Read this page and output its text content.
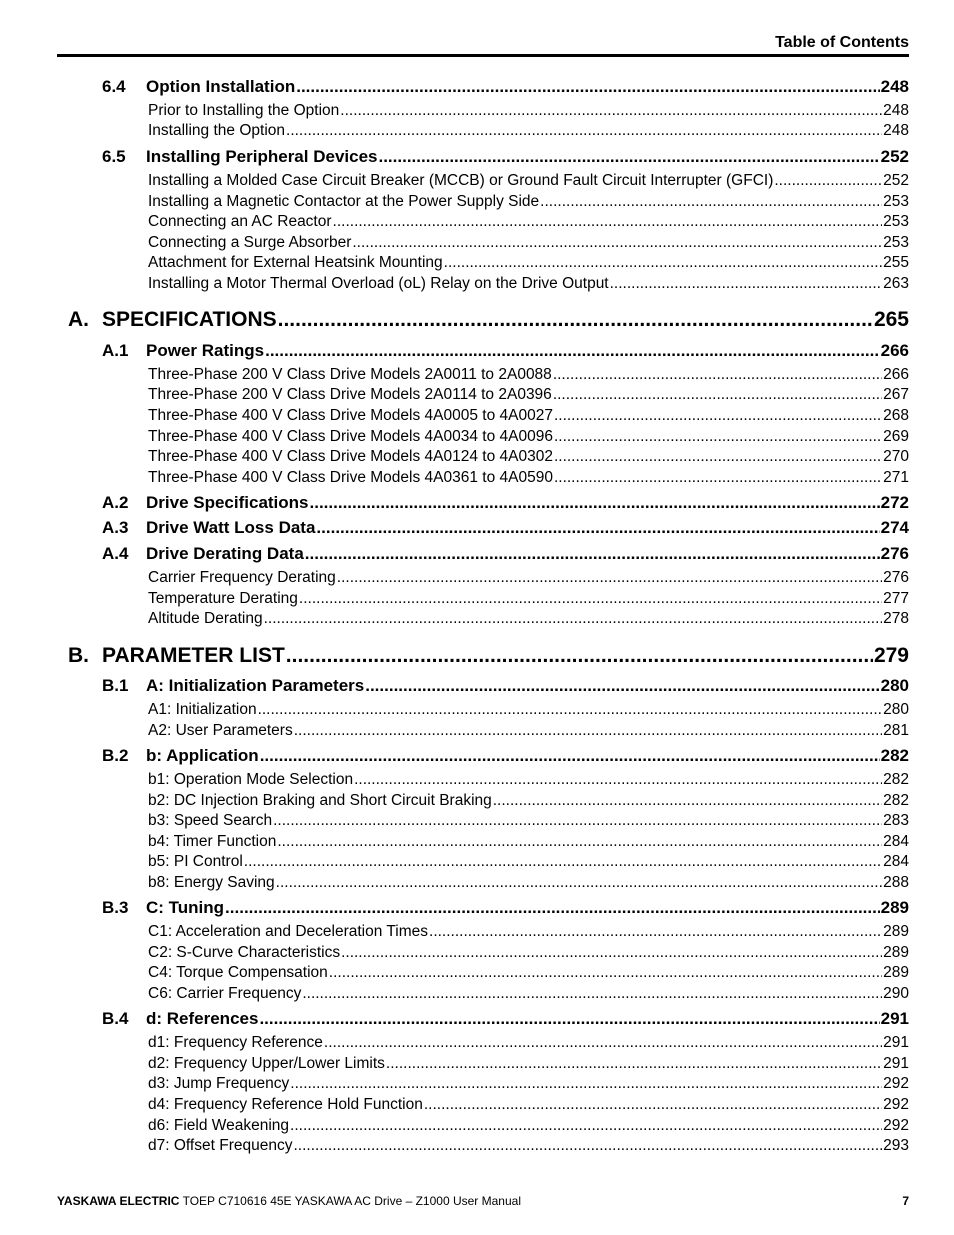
Table of Contents
6.4 Option Installation .....	248
Prior to Installing the Option .....	248
Installing the Option .....	248
6.5 Installing Peripheral Devices .....	252
Installing a Molded Case Circuit Breaker (MCCB) or Ground Fault Circuit Interrupter (GFCI) .....	252
Installing a Magnetic Contactor at the Power Supply Side .....	253
Connecting an AC Reactor .....	253
Connecting a Surge Absorber .....	253
Attachment for External Heatsink Mounting .....	255
Installing a Motor Thermal Overload (oL) Relay on the Drive Output .....	263
A. SPECIFICATIONS .....	265
A.1 Power Ratings .....	266
Three-Phase 200 V Class Drive Models 2A0011 to 2A0088 .....	266
Three-Phase 200 V Class Drive Models 2A0114 to 2A0396 .....	267
Three-Phase 400 V Class Drive Models 4A0005 to 4A0027 .....	268
Three-Phase 400 V Class Drive Models 4A0034 to 4A0096 .....	269
Three-Phase 400 V Class Drive Models 4A0124 to 4A0302 .....	270
Three-Phase 400 V Class Drive Models 4A0361 to 4A0590 .....	271
A.2 Drive Specifications .....	272
A.3 Drive Watt Loss Data .....	274
A.4 Drive Derating Data .....	276
Carrier Frequency Derating .....	276
Temperature Derating .....	277
Altitude Derating .....	278
B. PARAMETER LIST .....	279
B.1 A: Initialization Parameters .....	280
A1: Initialization .....	280
A2: User Parameters .....	281
B.2 b: Application .....	282
b1: Operation Mode Selection .....	282
b2: DC Injection Braking and Short Circuit Braking .....	282
b3: Speed Search .....	283
b4: Timer Function .....	284
b5: PI Control .....	284
b8: Energy Saving .....	288
B.3 C: Tuning .....	289
C1: Acceleration and Deceleration Times .....	289
C2: S-Curve Characteristics .....	289
C4: Torque Compensation .....	289
C6: Carrier Frequency .....	290
B.4 d: References .....	291
d1: Frequency Reference .....	291
d2: Frequency Upper/Lower Limits .....	291
d3: Jump Frequency .....	292
d4: Frequency Reference Hold Function .....	292
d6: Field Weakening .....	292
d7: Offset Frequency .....	293
YASKAWA ELECTRIC TOEP C710616 45E YASKAWA AC Drive – Z1000 User Manual	7
